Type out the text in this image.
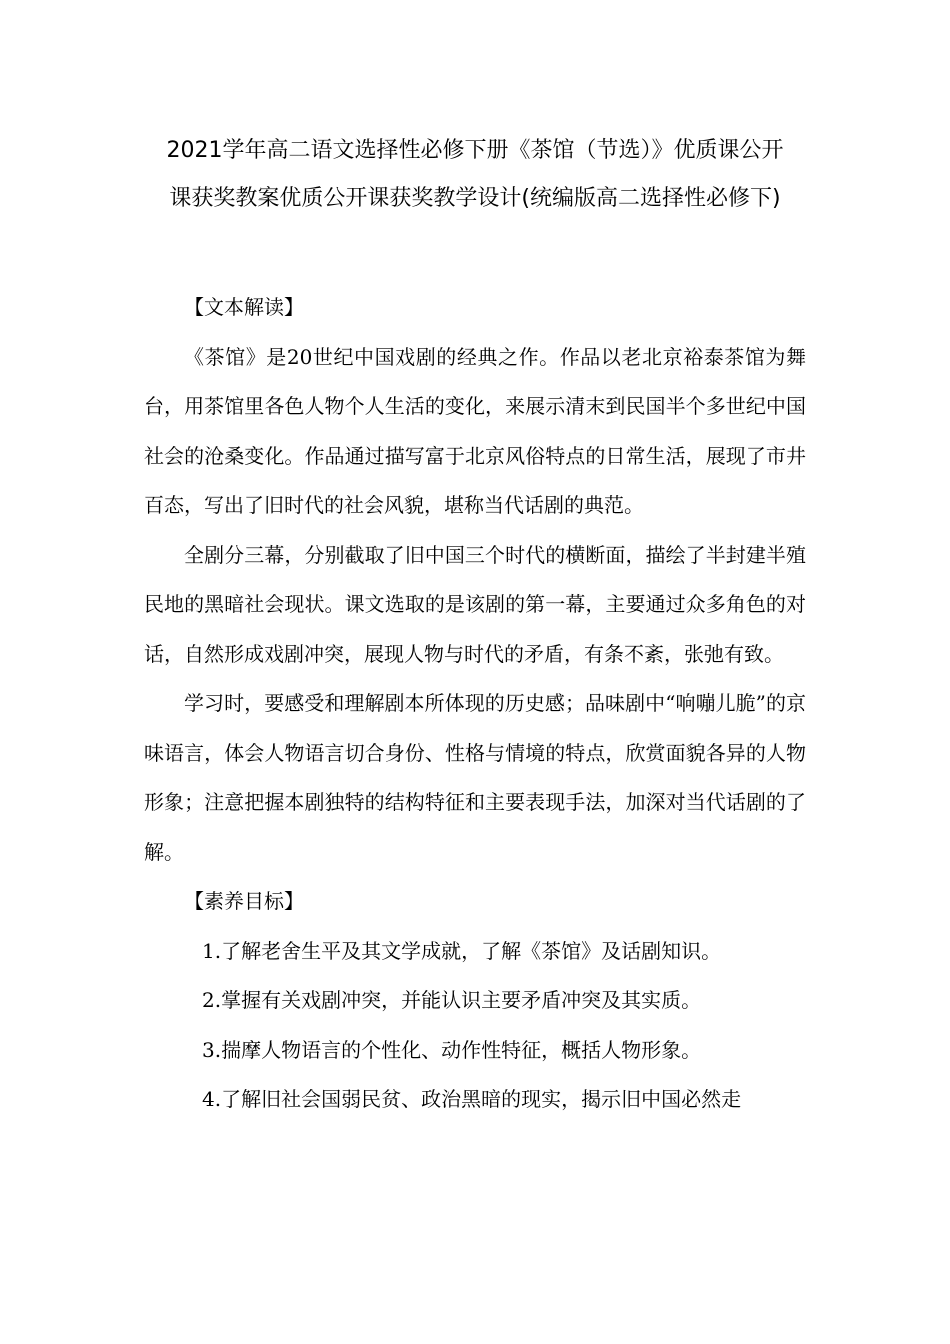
2021学年高二语文选择性必修下册《茶馆（节选）》优质课公开
课获奖教案优质公开课获奖教学设计(统编版高二选择性必修下)

【文本解读】

《茶馆》是20世纪中国戏剧的经典之作。作品以老北京裕泰茶馆为舞台，用茶馆里各色人物个人生活的变化，来展示清末到民国半个多世纪中国社会的沧桑变化。作品通过描写富于北京风俗特点的日常生活，展现了市井百态，写出了旧时代的社会风貌，堪称当代话剧的典范。

全剧分三幕，分别截取了旧中国三个时代的横断面，描绘了半封建半殖民地的黑暗社会现状。课文选取的是该剧的第一幕，主要通过众多角色的对话，自然形成戏剧冲突，展现人物与时代的矛盾，有条不紊，张弛有致。

学习时，要感受和理解剧本所体现的历史感；品味剧中“响嘣儿脆”的京味语言，体会人物语言切合身份、性格与情境的特点，欣赏面貌各异的人物形象；注意把握本剧独特的结构特征和主要表现手法，加深对当代话剧的了解。

【素养目标】

1.了解老舍生平及其文学成就，了解《茶馆》及话剧知识。

2.掌握有关戏剧冲突，并能认识主要矛盾冲突及其实质。

3.揣摩人物语言的个性化、动作性特征，概括人物形象。

4.了解旧社会国弱民贫、政治黑暗的现实，揭示旧中国必然走
